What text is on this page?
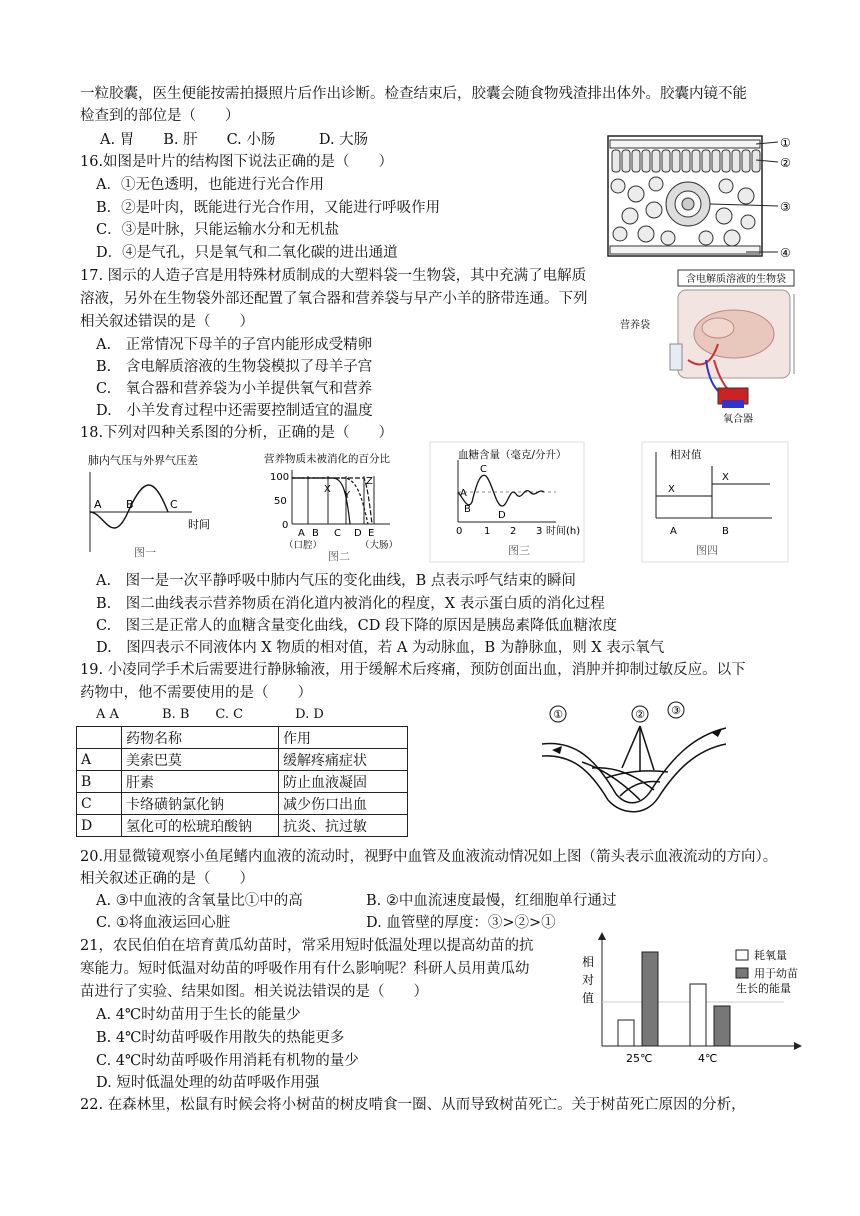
一粒胶囊，医生便能按需拍摄照片后作出诊断。检查结束后，胶囊会随食物残渣排出体外。胶囊内镜不能
检查到的部位是（　　）
A. 胃　　B. 肝　　C. 小肠　　　D. 大肠
16.如图是叶片的结构图下说法正确的是（　　）
A．①无色透明，也能进行光合作用
B．②是叶肉，既能进行光合作用，又能进行呼吸作用
C．③是叶脉，只能运输水分和无机盐
D．④是气孔，只是氧气和二氧化碳的进出通道
①
②
③
④
17. 图示的人造子宫是用特殊材质制成的大塑料袋一生物袋，其中充满了电解质
溶液，另外在生物袋外部还配置了氧合器和营养袋与早产小羊的脐带连通。下列
相关叙述错误的是（　　）
A.　正常情况下母羊的子宫内能形成受精卵
B.　含电解质溶液的生物袋模拟了母羊子宫
C.　氧合器和营养袋为小羊提供氧气和营养
D.　小羊发育过程中还需要控制适宜的温度
含电解质溶液的生物袋
营养袋
氧合器
18.下列对四种关系图的分析，正确的是（　　）
肺内气压与外界气压差
A B	C
时间
图一
营养物质未被消化的百分比
100
50
0
X
Y
Z
A B C D E
（口腔）	（大肠）
图二
血糖含量（毫克/分升）
A
B
C
D
0 1 2 3 时间(h)
图三
相对值
X
X
A	B
图四
A.　图一是一次平静呼吸中肺内气压的变化曲线，B 点表示呼气结束的瞬间
B.　图二曲线表示营养物质在消化道内被消化的程度，X 表示蛋白质的消化过程
C.　图三是正常人的血糖含量变化曲线，CD 段下降的原因是胰岛素降低血糖浓度
D.　图四表示不同液体内 X 物质的相对值，若 A 为动脉血，B 为静脉血，则 X 表示氧气
19. 小凌同学手术后需要进行静脉输液，用于缓解术后疼痛，预防创面出血，消肿并抑制过敏反应。以下
药物中，他不需要使用的是（　　）
A A　　　 B. B　　C. C　　　　D. D
	药物名称	作用
A	美索巴莫	缓解疼痛症状
B	肝素	防止血液凝固
C	卡络磺钠氯化钠	减少伤口出血
D	氢化可的松琥珀酸钠	抗炎、抗过敏
①	② ③
20.用显微镜观察小鱼尾鳍内血液的流动时，视野中血管及血液流动情况如上图（箭头表示血液流动的方向）。
相关叙述正确的是（　　）
A. ③中血液的含氧量比①中的高	B. ②中血流速度最慢，红细胞单行通过
C. ①将血液运回心脏	D. 血管壁的厚度：③>②>①
21，农民伯伯在培育黄瓜幼苗时，常采用短时低温处理以提高幼苗的抗
寒能力。短时低温对幼苗的呼吸作用有什么影响呢？科研人员用黄瓜幼
苗进行了实验、结果如图。相关说法错误的是（　　）
A. 4℃时幼苗用于生长的能量少
B. 4℃时幼苗呼吸作用散失的热能更多
C. 4℃时幼苗呼吸作用消耗有机物的量少
D. 短时低温处理的幼苗呼吸作用强
相
对
值
25℃	4℃
耗氧量
用于幼苗
生长的能量
22. 在森林里，松鼠有时候会将小树苗的树皮啃食一圈、从而导致树苗死亡。关于树苗死亡原因的分析，
